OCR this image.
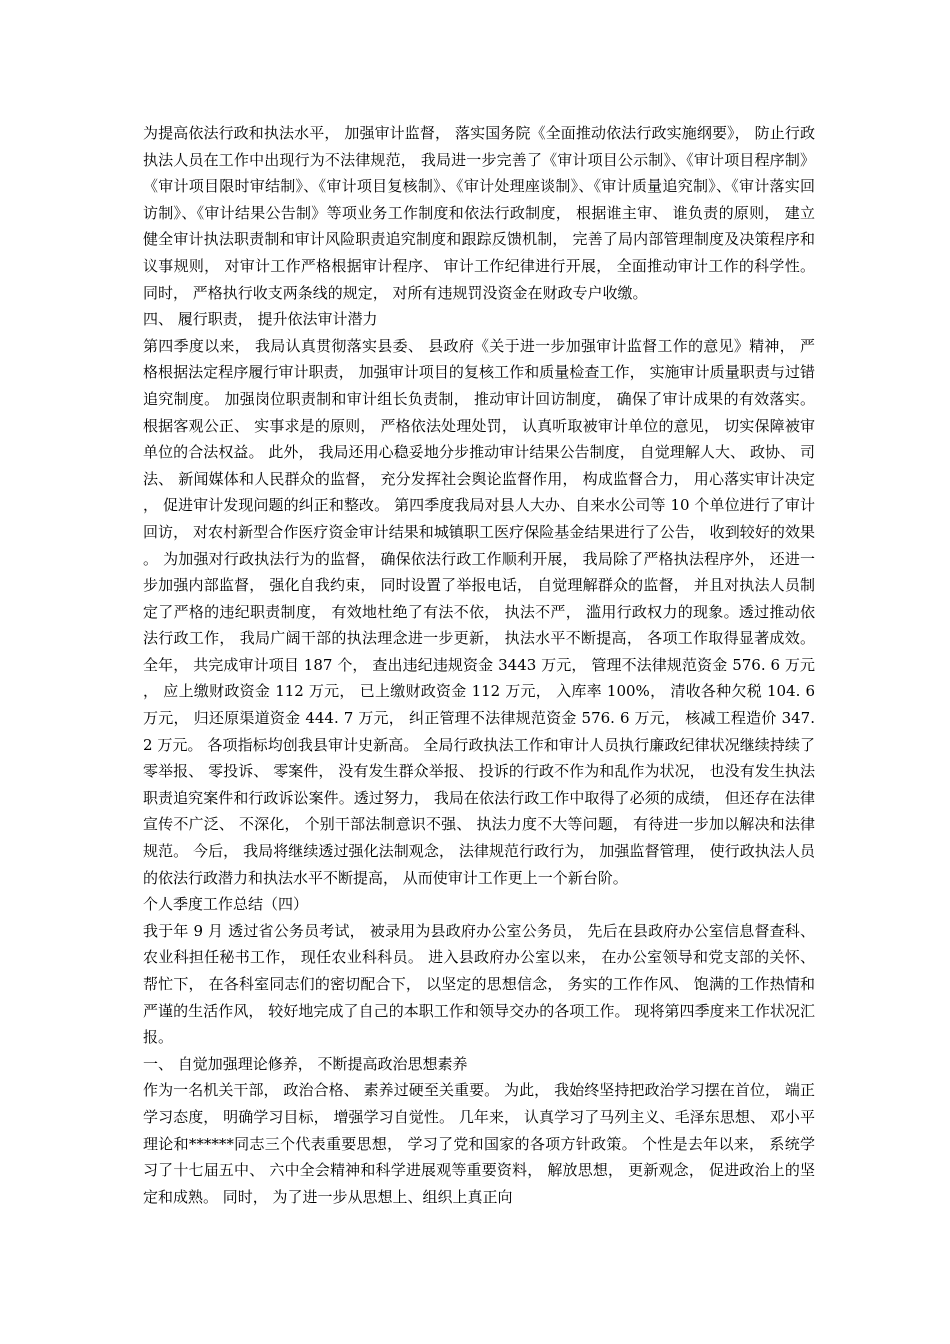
为提高依法行政和执法水平， 加强审计监督， 落实国务院《全面推动依法行政实施纲要》， 防止行政执法人员在工作中出现行为不法律规范， 我局进一步完善了《审计项目公示制》、《审计项目程序制》《审计项目限时审结制》、《审计项目复核制》、《审计处理座谈制》、《审计质量追究制》、《审计落实回访制》、《审计结果公告制》等项业务工作制度和依法行政制度， 根据谁主审、 谁负责的原则， 建立健全审计执法职责制和审计风险职责追究制度和跟踪反馈机制， 完善了局内部管理制度及决策程序和议事规则， 对审计工作严格根据审计程序、 审计工作纪律进行开展， 全面推动审计工作的科学性。 同时， 严格执行收支两条线的规定， 对所有违规罚没资金在财政专户收缴。

四、 履行职责， 提升依法审计潜力

第四季度以来， 我局认真贯彻落实县委、 县政府《关于进一步加强审计监督工作的意见》精神， 严格根据法定程序履行审计职责， 加强审计项目的复核工作和质量检查工作， 实施审计质量职责与过错追究制度。 加强岗位职责制和审计组长负责制， 推动审计回访制度， 确保了审计成果的有效落实。 根据客观公正、 实事求是的原则， 严格依法处理处罚， 认真听取被审计单位的意见， 切实保障被审单位的合法权益。 此外， 我局还用心稳妥地分步推动审计结果公告制度， 自觉理解人大、 政协、 司法、 新闻媒体和人民群众的监督， 充分发挥社会舆论监督作用， 构成监督合力， 用心落实审计决定， 促进审计发现问题的纠正和整改。 第四季度我局对县人大办、自来水公司等 10 个单位进行了审计回访， 对农村新型合作医疗资金审计结果和城镇职工医疗保险基金结果进行了公告， 收到较好的效果。 为加强对行政执法行为的监督， 确保依法行政工作顺利开展， 我局除了严格执法程序外， 还进一步加强内部监督， 强化自我约束， 同时设置了举报电话， 自觉理解群众的监督， 并且对执法人员制定了严格的违纪职责制度， 有效地杜绝了有法不依， 执法不严， 滥用行政权力的现象。透过推动依法行政工作， 我局广阔干部的执法理念进一步更新， 执法水平不断提高， 各项工作取得显著成效。 全年， 共完成审计项目 187 个， 查出违纪违规资金 3443 万元， 管理不法律规范资金 576. 6 万元， 应上缴财政资金 112 万元， 已上缴财政资金 112 万元， 入库率 100%， 清收各种欠税 104. 6 万元， 归还原渠道资金 444. 7 万元， 纠正管理不法律规范资金 576. 6 万元， 核减工程造价 347. 2 万元。 各项指标均创我县审计史新高。 全局行政执法工作和审计人员执行廉政纪律状况继续持续了零举报、 零投诉、 零案件， 没有发生群众举报、 投诉的行政不作为和乱作为状况， 也没有发生执法职责追究案件和行政诉讼案件。透过努力， 我局在依法行政工作中取得了必须的成绩， 但还存在法律宣传不广泛、 不深化， 个别干部法制意识不强、 执法力度不大等问题， 有待进一步加以解决和法律规范。 今后， 我局将继续透过强化法制观念， 法律规范行政行为， 加强监督管理， 使行政执法人员的依法行政潜力和执法水平不断提高， 从而使审计工作更上一个新台阶。

个人季度工作总结（四）

我于年 9 月 透过省公务员考试， 被录用为县政府办公室公务员， 先后在县政府办公室信息督查科、 农业科担任秘书工作， 现任农业科科员。 进入县政府办公室以来， 在办公室领导和党支部的关怀、 帮忙下， 在各科室同志们的密切配合下， 以坚定的思想信念， 务实的工作作风、 饱满的工作热情和严谨的生活作风， 较好地完成了自己的本职工作和领导交办的各项工作。 现将第四季度来工作状况汇报。

一、 自觉加强理论修养， 不断提高政治思想素养

作为一名机关干部， 政治合格、 素养过硬至关重要。 为此， 我始终坚持把政治学习摆在首位， 端正学习态度， 明确学习目标， 增强学习自觉性。 几年来， 认真学习了马列主义、毛泽东思想、 邓小平理论和******同志三个代表重要思想， 学习了党和国家的各项方针政策。 个性是去年以来， 系统学习了十七届五中、 六中全会精神和科学进展观等重要资料， 解放思想， 更新观念， 促进政治上的坚定和成熟。 同时， 为了进一步从思想上、组织上真正向
